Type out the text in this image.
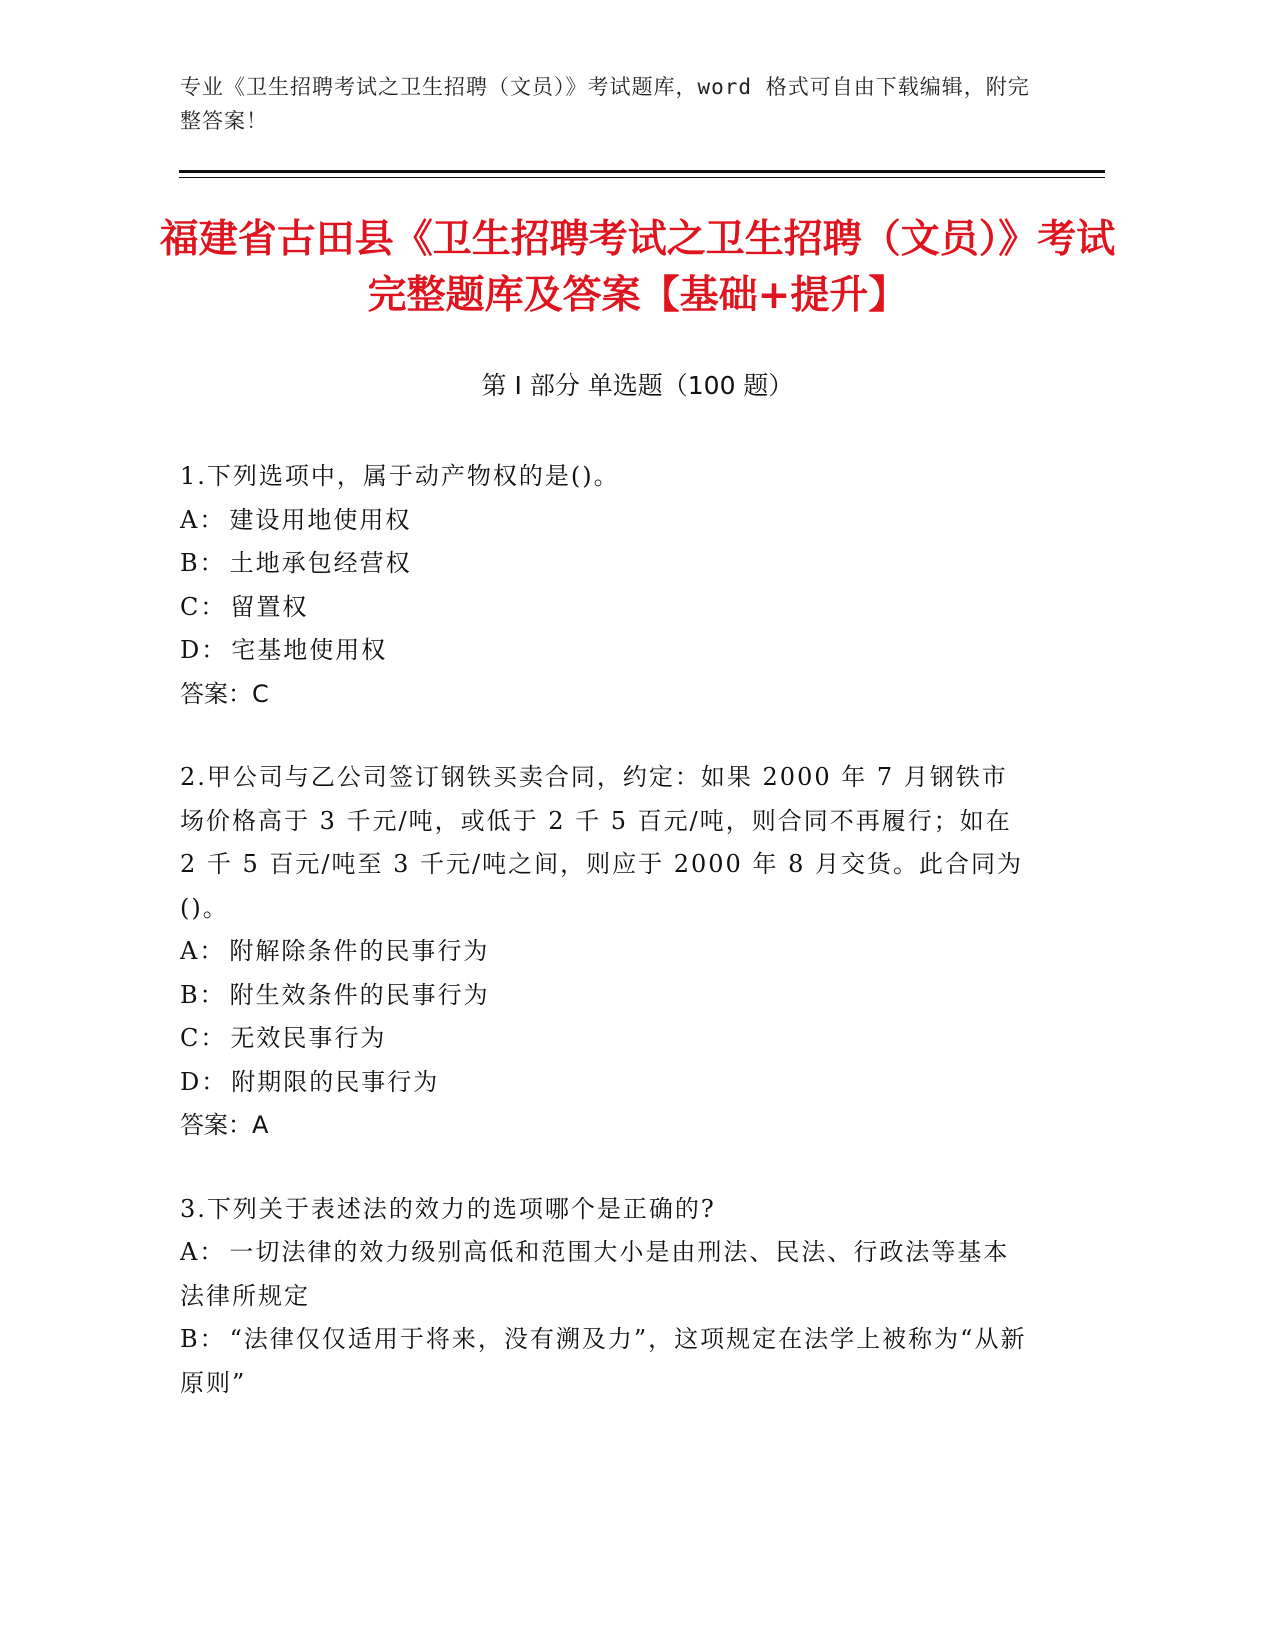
专业《卫生招聘考试之卫生招聘（文员）》考试题库，word 格式可自由下载编辑，附完整答案！
福建省古田县《卫生招聘考试之卫生招聘（文员）》考试完整题库及答案【基础+提升】
第 I 部分 单选题（100 题）

1.下列选项中，属于动产物权的是()。

A： 建设用地使用权

B： 土地承包经营权

C： 留置权

D： 宅基地使用权

答案：C

2.甲公司与乙公司签订钢铁买卖合同，约定：如果 2000 年 7 月钢铁市场价格高于 3 千元/吨，或低于 2 千 5 百元/吨，则合同不再履行；如在 2 千 5 百元/吨至 3 千元/吨之间，则应于 2000 年 8 月交货。此合同为()。

A： 附解除条件的民事行为

B： 附生效条件的民事行为

C： 无效民事行为

D： 附期限的民事行为

答案：A

3.下列关于表述法的效力的选项哪个是正确的?

A： 一切法律的效力级别高低和范围大小是由刑法、民法、行政法等基本法律所规定

B： “法律仅仅适用于将来，没有溯及力”，这项规定在法学上被称为“从新原则”
